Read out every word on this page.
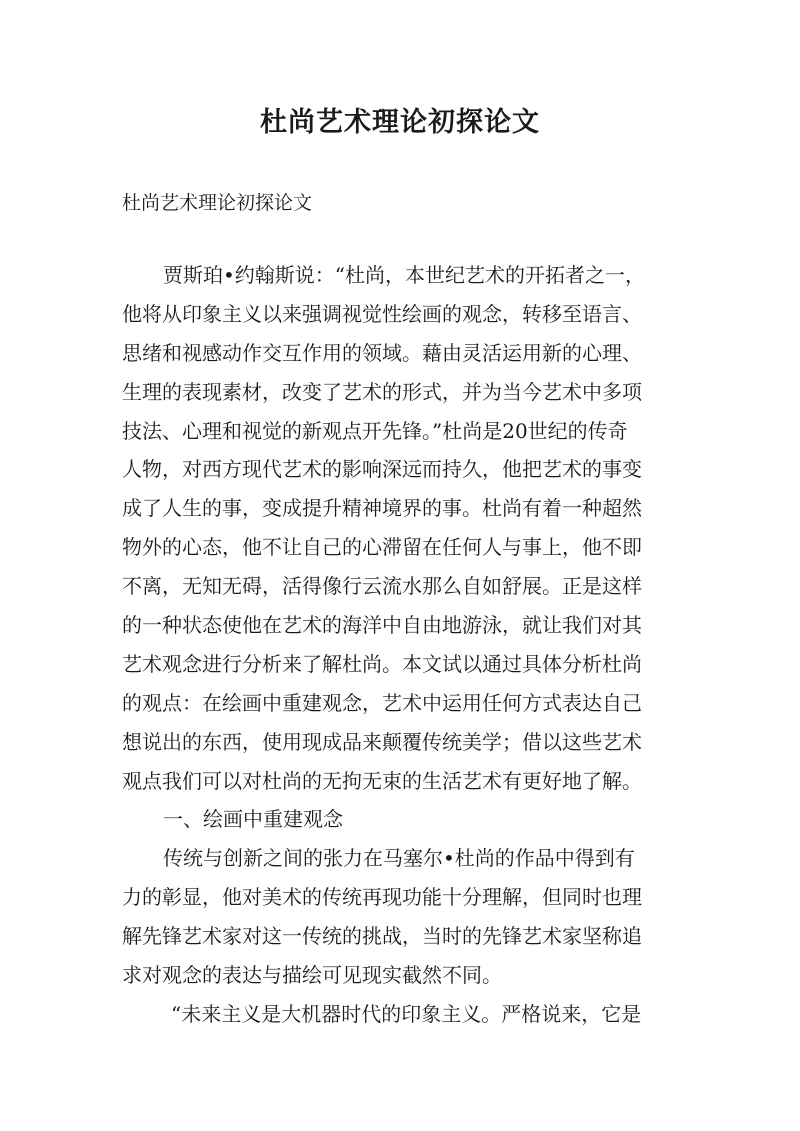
杜尚艺术理论初探论文

杜尚艺术理论初探论文

贾斯珀•约翰斯说：“杜尚，本世纪艺术的开拓者之一，
他将从印象主义以来强调视觉性绘画的观念，转移至语言、
思绪和视感动作交互作用的领域。藉由灵活运用新的心理、
生理的表现素材，改变了艺术的形式，并为当今艺术中多项
技法、心理和视觉的新观点开先锋。”杜尚是20世纪的传奇
人物，对西方现代艺术的影响深远而持久，他把艺术的事变
成了人生的事，变成提升精神境界的事。杜尚有着一种超然
物外的心态，他不让自己的心滞留在任何人与事上，他不即
不离，无知无碍，活得像行云流水那么自如舒展。正是这样
的一种状态使他在艺术的海洋中自由地游泳，就让我们对其
艺术观念进行分析来了解杜尚。本文试以通过具体分析杜尚
的观点：在绘画中重建观念，艺术中运用任何方式表达自己
想说出的东西，使用现成品来颠覆传统美学；借以这些艺术
观点我们可以对杜尚的无拘无束的生活艺术有更好地了解。
一、绘画中重建观念
传统与创新之间的张力在马塞尔•杜尚的作品中得到有
力的彰显，他对美术的传统再现功能十分理解，但同时也理
解先锋艺术家对这一传统的挑战，当时的先锋艺术家坚称追
求对观念的表达与描绘可见现实截然不同。
“未来主义是大机器时代的印象主义。严格说来，它是
